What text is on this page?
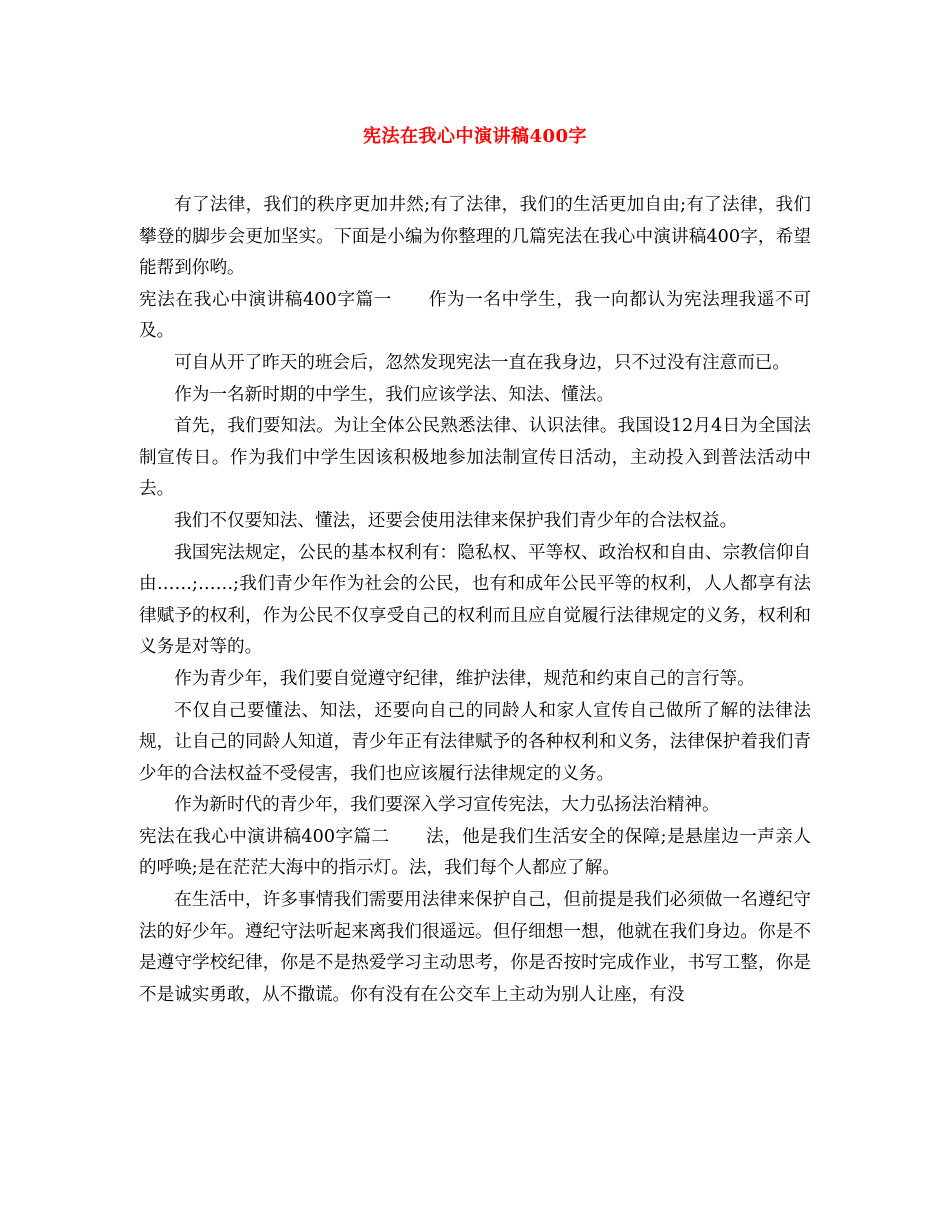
宪法在我心中演讲稿400字

有了法律，我们的秩序更加井然;有了法律，我们的生活更加自由;有了法律，我们攀登的脚步会更加坚实。下面是小编为你整理的几篇宪法在我心中演讲稿400字，希望能帮到你哟。

宪法在我心中演讲稿400字篇一 作为一名中学生，我一向都认为宪法理我遥不可及。

可自从开了昨天的班会后，忽然发现宪法一直在我身边，只不过没有注意而已。

作为一名新时期的中学生，我们应该学法、知法、懂法。

首先，我们要知法。为让全体公民熟悉法律、认识法律。我国设12月4日为全国法制宣传日。作为我们中学生因该积极地参加法制宣传日活动，主动投入到普法活动中去。

我们不仅要知法、懂法，还要会使用法律来保护我们青少年的合法权益。

我国宪法规定，公民的基本权利有：隐私权、平等权、政治权和自由、宗教信仰自由……;……;我们青少年作为社会的公民，也有和成年公民平等的权利，人人都享有法律赋予的权利，作为公民不仅享受自己的权利而且应自觉履行法律规定的义务，权利和义务是对等的。

作为青少年，我们要自觉遵守纪律，维护法律，规范和约束自己的言行等。

不仅自己要懂法、知法，还要向自己的同龄人和家人宣传自己做所了解的法律法规，让自己的同龄人知道，青少年正有法律赋予的各种权利和义务，法律保护着我们青少年的合法权益不受侵害，我们也应该履行法律规定的义务。

作为新时代的青少年，我们要深入学习宣传宪法，大力弘扬法治精神。

宪法在我心中演讲稿400字篇二 法，他是我们生活安全的保障;是悬崖边一声亲人的呼唤;是在茫茫大海中的指示灯。法，我们每个人都应了解。

在生活中，许多事情我们需要用法律来保护自己，但前提是我们必须做一名遵纪守法的好少年。遵纪守法听起来离我们很遥远。但仔细想一想，他就在我们身边。你是不是遵守学校纪律，你是不是热爱学习主动思考，你是否按时完成作业，书写工整，你是不是诚实勇敢，从不撒谎。你有没有在公交车上主动为别人让座，有没
